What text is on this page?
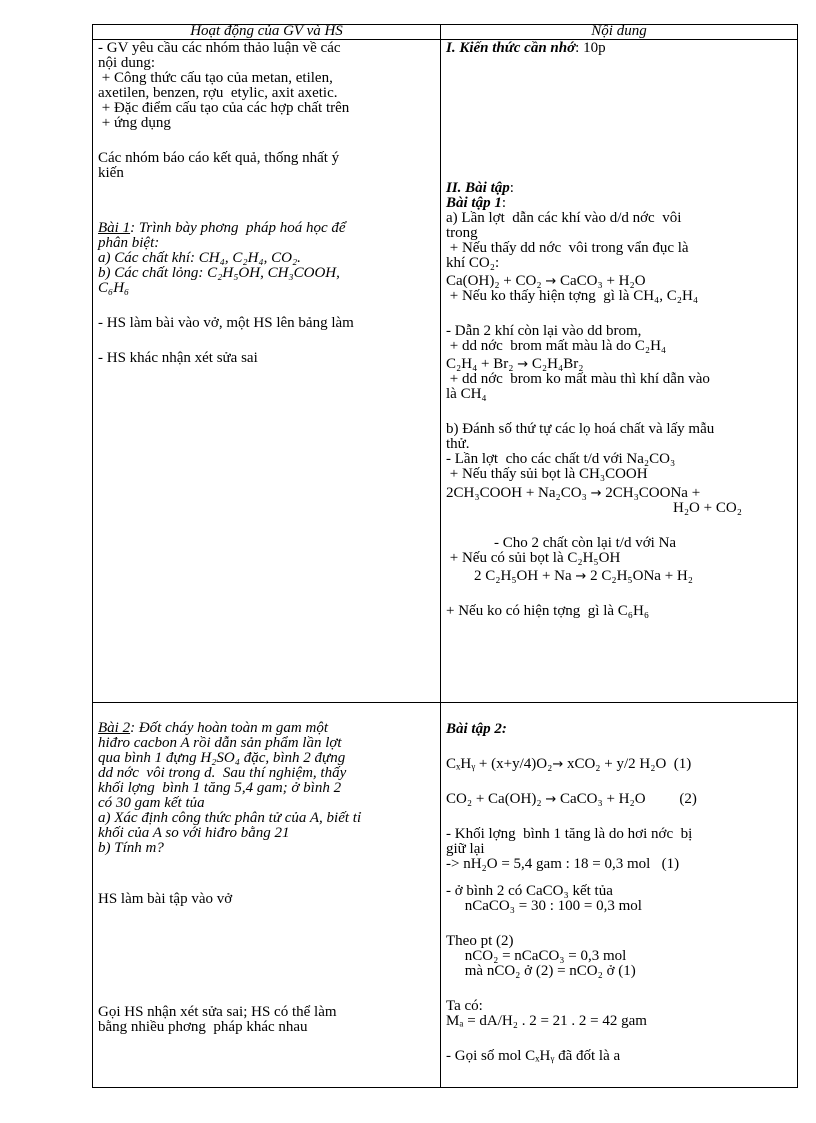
Hoạt động của GV và HS	Nội dung
- GV yêu cầu các nhóm thảo luận về các
nội dung:
+ Công thức cấu tạo của metan, etilen,
axetilen, benzen, rợu  etylic, axit axetic.
+ Đặc điểm cấu tạo của các hợp chất trên
+ ứng dụng
Các nhóm báo cáo kết quả, thống nhất ý
kiến
Bài 1: Trình bày phơng  pháp hoá học để
phân biệt:
a) Các chất khí: CH₄, C₂H₄, CO₂.
b) Các chất lỏng: C₂H₅OH, CH₃COOH,
C₆H₆
- HS làm bài vào vở, một HS lên bảng làm
- HS khác nhận xét sửa sai
I. Kiến thức cần nhớ: 10p
II. Bài tập:
Bài tập 1:
a) Lần lợt  dẫn các khí vào d/d nớc  vôi
trong
+ Nếu thấy dd nớc  vôi trong vẩn đục là
khí CO₂:
Ca(OH)₂ + CO₂ → CaCO₃ + H₂O
+ Nếu ko thấy hiện tợng  gì là CH₄, C₂H₄
- Dẫn 2 khí còn lại vào dd brom,
+ dd nớc  brom mất màu là do C₂H₄
C₂H₄ + Br₂ → C₂H₄Br₂
+ dd nớc  brom ko mất màu thì khí dẫn vào
là CH₄
b) Đánh số thứ tự các lọ hoá chất và lấy mẫu
thử.
- Lần lợt  cho các chất t/d với Na₂CO₃
+ Nếu thấy sủi bọt là CH₃COOH
2CH₃COOH + Na₂CO₃ → 2CH₃COONa +
H₂O + CO₂
- Cho 2 chất còn lại t/d với Na
+ Nếu có sủi bọt là C₂H₅OH
2 C₂H₅OH + Na → 2 C₂H₅ONa + H₂
+ Nếu ko có hiện tợng  gì là C₆H₆
Bài 2: Đốt cháy hoàn toàn m gam một
hiđro cacbon A rồi dẫn sản phẩm lần lợt
qua bình 1 đựng H₂SO₄ đặc, bình 2 đựng
dd nớc  vôi trong d.  Sau thí nghiệm, thấy
khối lợng  bình 1 tăng 5,4 gam; ở bình 2
có 30 gam kết tủa
a) Xác định công thức phân tử của A, biết tỉ
khối của A so với hiđro bằng 21
b) Tính m?
HS làm bài tập vào vở
Gọi HS nhận xét sửa sai; HS có thể làm
bằng nhiều phơng  pháp khác nhau
Bài tập 2:
CₓHᵧ + (x+y/4)O₂→ xCO₂ + y/2 H₂O  (1)
CO₂ + Ca(OH)₂ → CaCO₃ + H₂O         (2)
- Khối lợng  bình 1 tăng là do hơi nớc  bị
giữ lại
-> nH₂O = 5,4 gam : 18 = 0,3 mol   (1)
- ở bình 2 có CaCO₃ kết tủa
nCaCO₃ = 30 : 100 = 0,3 mol
Theo pt (2)
nCO₂ = nCaCO₃ = 0,3 mol
mà nCO₂ ở (2) = nCO₂ ở (1)
Ta có:
Mₐ = dA/H₂ . 2 = 21 . 2 = 42 gam
- Gọi số mol CₓHᵧ đã đốt là a
